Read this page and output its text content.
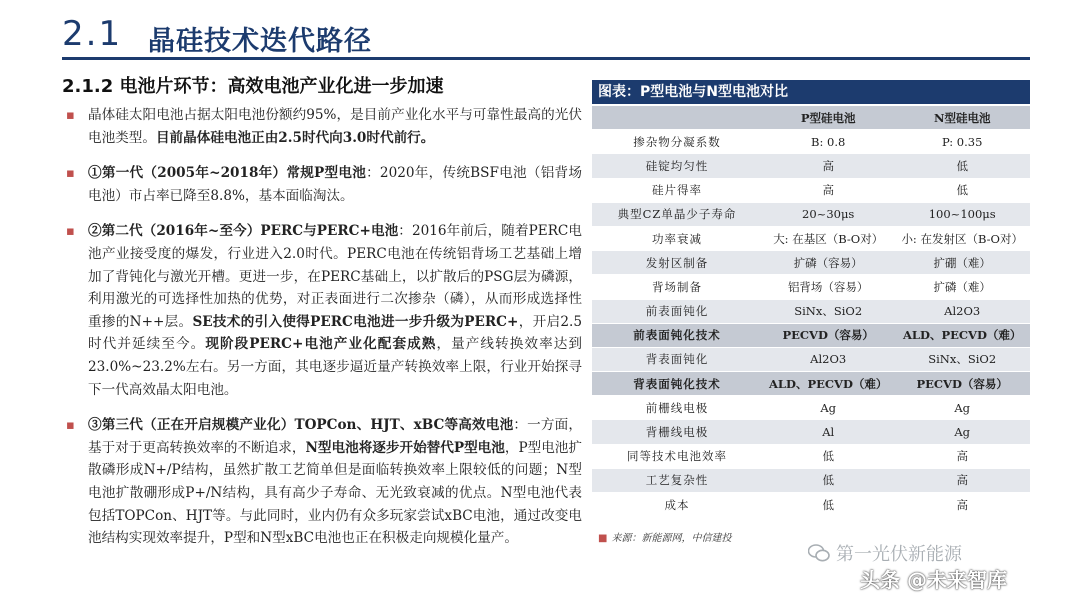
2.1 晶硅技术迭代路径
2.1.2 电池片环节：高效电池产业化进一步加速
▪ 晶体硅太阳电池占据太阳电池份额约95%，是目前产业化水平与可靠性最高的光伏电池类型。目前晶体硅电池正由2.5时代向3.0时代前行。
▪ ①第一代（2005年~2018年）常规P型电池：2020年，传统BSF电池（铝背场电池）市占率已降至8.8%，基本面临淘汰。
▪ ②第二代（2016年~至今）PERC与PERC+电池：2016年前后，随着PERC电池产业接受度的爆发，行业进入2.0时代。PERC电池在传统铝背场工艺基础上增加了背钝化与激光开槽。更进一步，在PERC基础上，以扩散后的PSG层为磷源，利用激光的可选择性加热的优势，对正表面进行二次掺杂（磷），从而形成选择性重掺的N++层。SE技术的引入使得PERC电池进一步升级为PERC+，开启2.5时代并延续至今。现阶段PERC+电池产业化配套成熟，量产线转换效率达到23.0%~23.2%左右。另一方面，其电逐步逼近量产转换效率上限，行业开始探寻下一代高效晶太阳电池。
▪ ③第三代（正在开启规模产业化）TOPCon、HJT、xBC等高效电池：一方面，基于对于更高转换效率的不断追求，N型电池将逐步开始替代P型电池，P型电池扩散磷形成N+/P结构，虽然扩散工艺简单但是面临转换效率上限较低的问题；N型电池扩散硼形成P+/N结构，具有高少子寿命、无光致衰减的优点。N型电池代表包括TOPCon、HJT等。与此同时，业内仍有众多玩家尝试xBC电池，通过改变电池结构实现效率提升，P型和N型xBC电池也正在积极走向规模化量产。
图表：P型电池与N型电池对比
	P型硅电池	N型硅电池
掺杂物分凝系数	B: 0.8	P: 0.35
硅锭均匀性	高	低
硅片得率	高	低
典型CZ单晶少子寿命	20~30μs	100~100μs
功率衰减	大: 在基区（B-O对）	小: 在发射区（B-O对）
发射区制备	扩磷（容易）	扩硼（难）
背场制备	铝背场（容易）	扩磷（难）
前表面钝化	SiNx、SiO2	Al2O3
前表面钝化技术	PECVD（容易）	ALD、PECVD（难）
背表面钝化	Al2O3	SiNx、SiO2
背表面钝化技术	ALD、PECVD（难）	PECVD（容易）
前栅线电极	Ag	Ag
背栅线电极	Al	Ag
同等技术电池效率	低	高
工艺复杂性	低	高
成本	低	高
■ 来源：新能源网，中信建投
第一光伏新能源
头条 @未来智库
